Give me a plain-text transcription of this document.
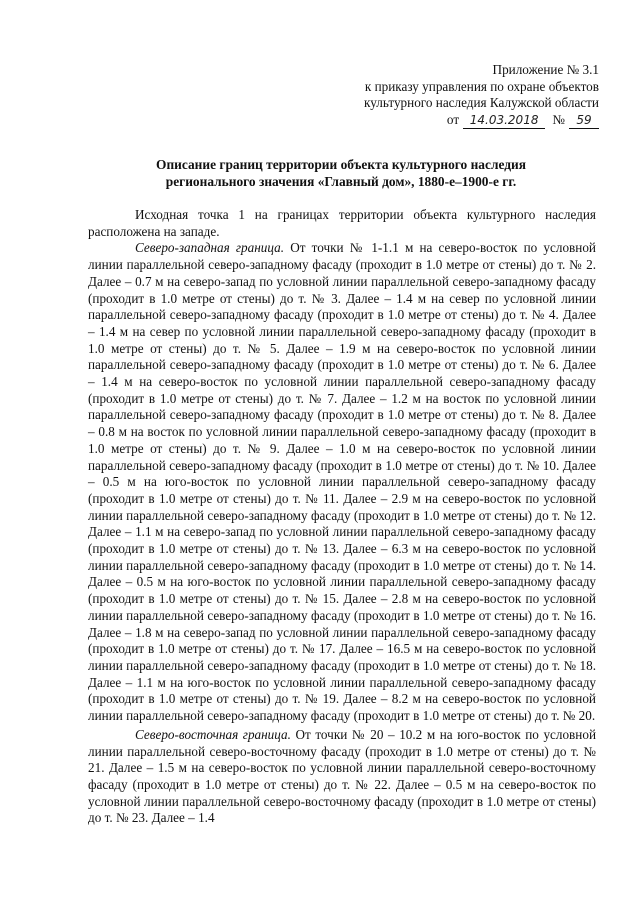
Приложение № 3.1
к приказу управления по охране объектов
культурного наследия Калужской области
от 14.03.2018 № 59
Описание границ территории объекта культурного наследия
регионального значения «Главный дом», 1880-е–1900-е гг.

Исходная точка 1 на границах территории объекта культурного наследия расположена на западе.

Северо-западная граница. От точки № 1-1.1 м на северо-восток по условной линии параллельной северо-западному фасаду (проходит в 1.0 метре от стены) до т. № 2. Далее – 0.7 м на северо-запад по условной линии параллельной северо-западному фасаду (проходит в 1.0 метре от стены) до т. № 3. Далее – 1.4 м на север по условной линии параллельной северо-западному фасаду (проходит в 1.0 метре от стены) до т. № 4. Далее – 1.4 м на север по условной линии параллельной северо-западному фасаду (проходит в 1.0 метре от стены) до т. № 5. Далее – 1.9 м на северо-восток по условной линии параллельной северо-западному фасаду (проходит в 1.0 метре от стены) до т. № 6. Далее – 1.4 м на северо-восток по условной линии параллельной северо-западному фасаду (проходит в 1.0 метре от стены) до т. № 7. Далее – 1.2 м на восток по условной линии параллельной северо-западному фасаду (проходит в 1.0 метре от стены) до т. № 8. Далее – 0.8 м на восток по условной линии параллельной северо-западному фасаду (проходит в 1.0 метре от стены) до т. № 9. Далее – 1.0 м на северо-восток по условной линии параллельной северо-западному фасаду (проходит в 1.0 метре от стены) до т. № 10. Далее – 0.5 м на юго-восток по условной линии параллельной северо-западному фасаду (проходит в 1.0 метре от стены) до т. № 11. Далее – 2.9 м на северо-восток по условной линии параллельной северо-западному фасаду (проходит в 1.0 метре от стены) до т. № 12. Далее – 1.1 м на северо-запад по условной линии параллельной северо-западному фасаду (проходит в 1.0 метре от стены) до т. № 13. Далее – 6.3 м на северо-восток по условной линии параллельной северо-западному фасаду (проходит в 1.0 метре от стены) до т. № 14. Далее – 0.5 м на юго-восток по условной линии параллельной северо-западному фасаду (проходит в 1.0 метре от стены) до т. № 15. Далее – 2.8 м на северо-восток по условной линии параллельной северо-западному фасаду (проходит в 1.0 метре от стены) до т. № 16. Далее – 1.8 м на северо-запад по условной линии параллельной северо-западному фасаду (проходит в 1.0 метре от стены) до т. № 17. Далее – 16.5 м на северо-восток по условной линии параллельной северо-западному фасаду (проходит в 1.0 метре от стены) до т. № 18. Далее – 1.1 м на юго-восток по условной линии параллельной северо-западному фасаду (проходит в 1.0 метре от стены) до т. № 19. Далее – 8.2 м на северо-восток по условной линии параллельной северо-западному фасаду (проходит в 1.0 метре от стены) до т. № 20.

Северо-восточная граница. От точки № 20 – 10.2 м на юго-восток по условной линии параллельной северо-восточному фасаду (проходит в 1.0 метре от стены) до т. № 21. Далее – 1.5 м на северо-восток по условной линии параллельной северо-восточному фасаду (проходит в 1.0 метре от стены) до т. № 22. Далее – 0.5 м на северо-восток по условной линии параллельной северо-восточному фасаду (проходит в 1.0 метре от стены) до т. № 23. Далее – 1.4
